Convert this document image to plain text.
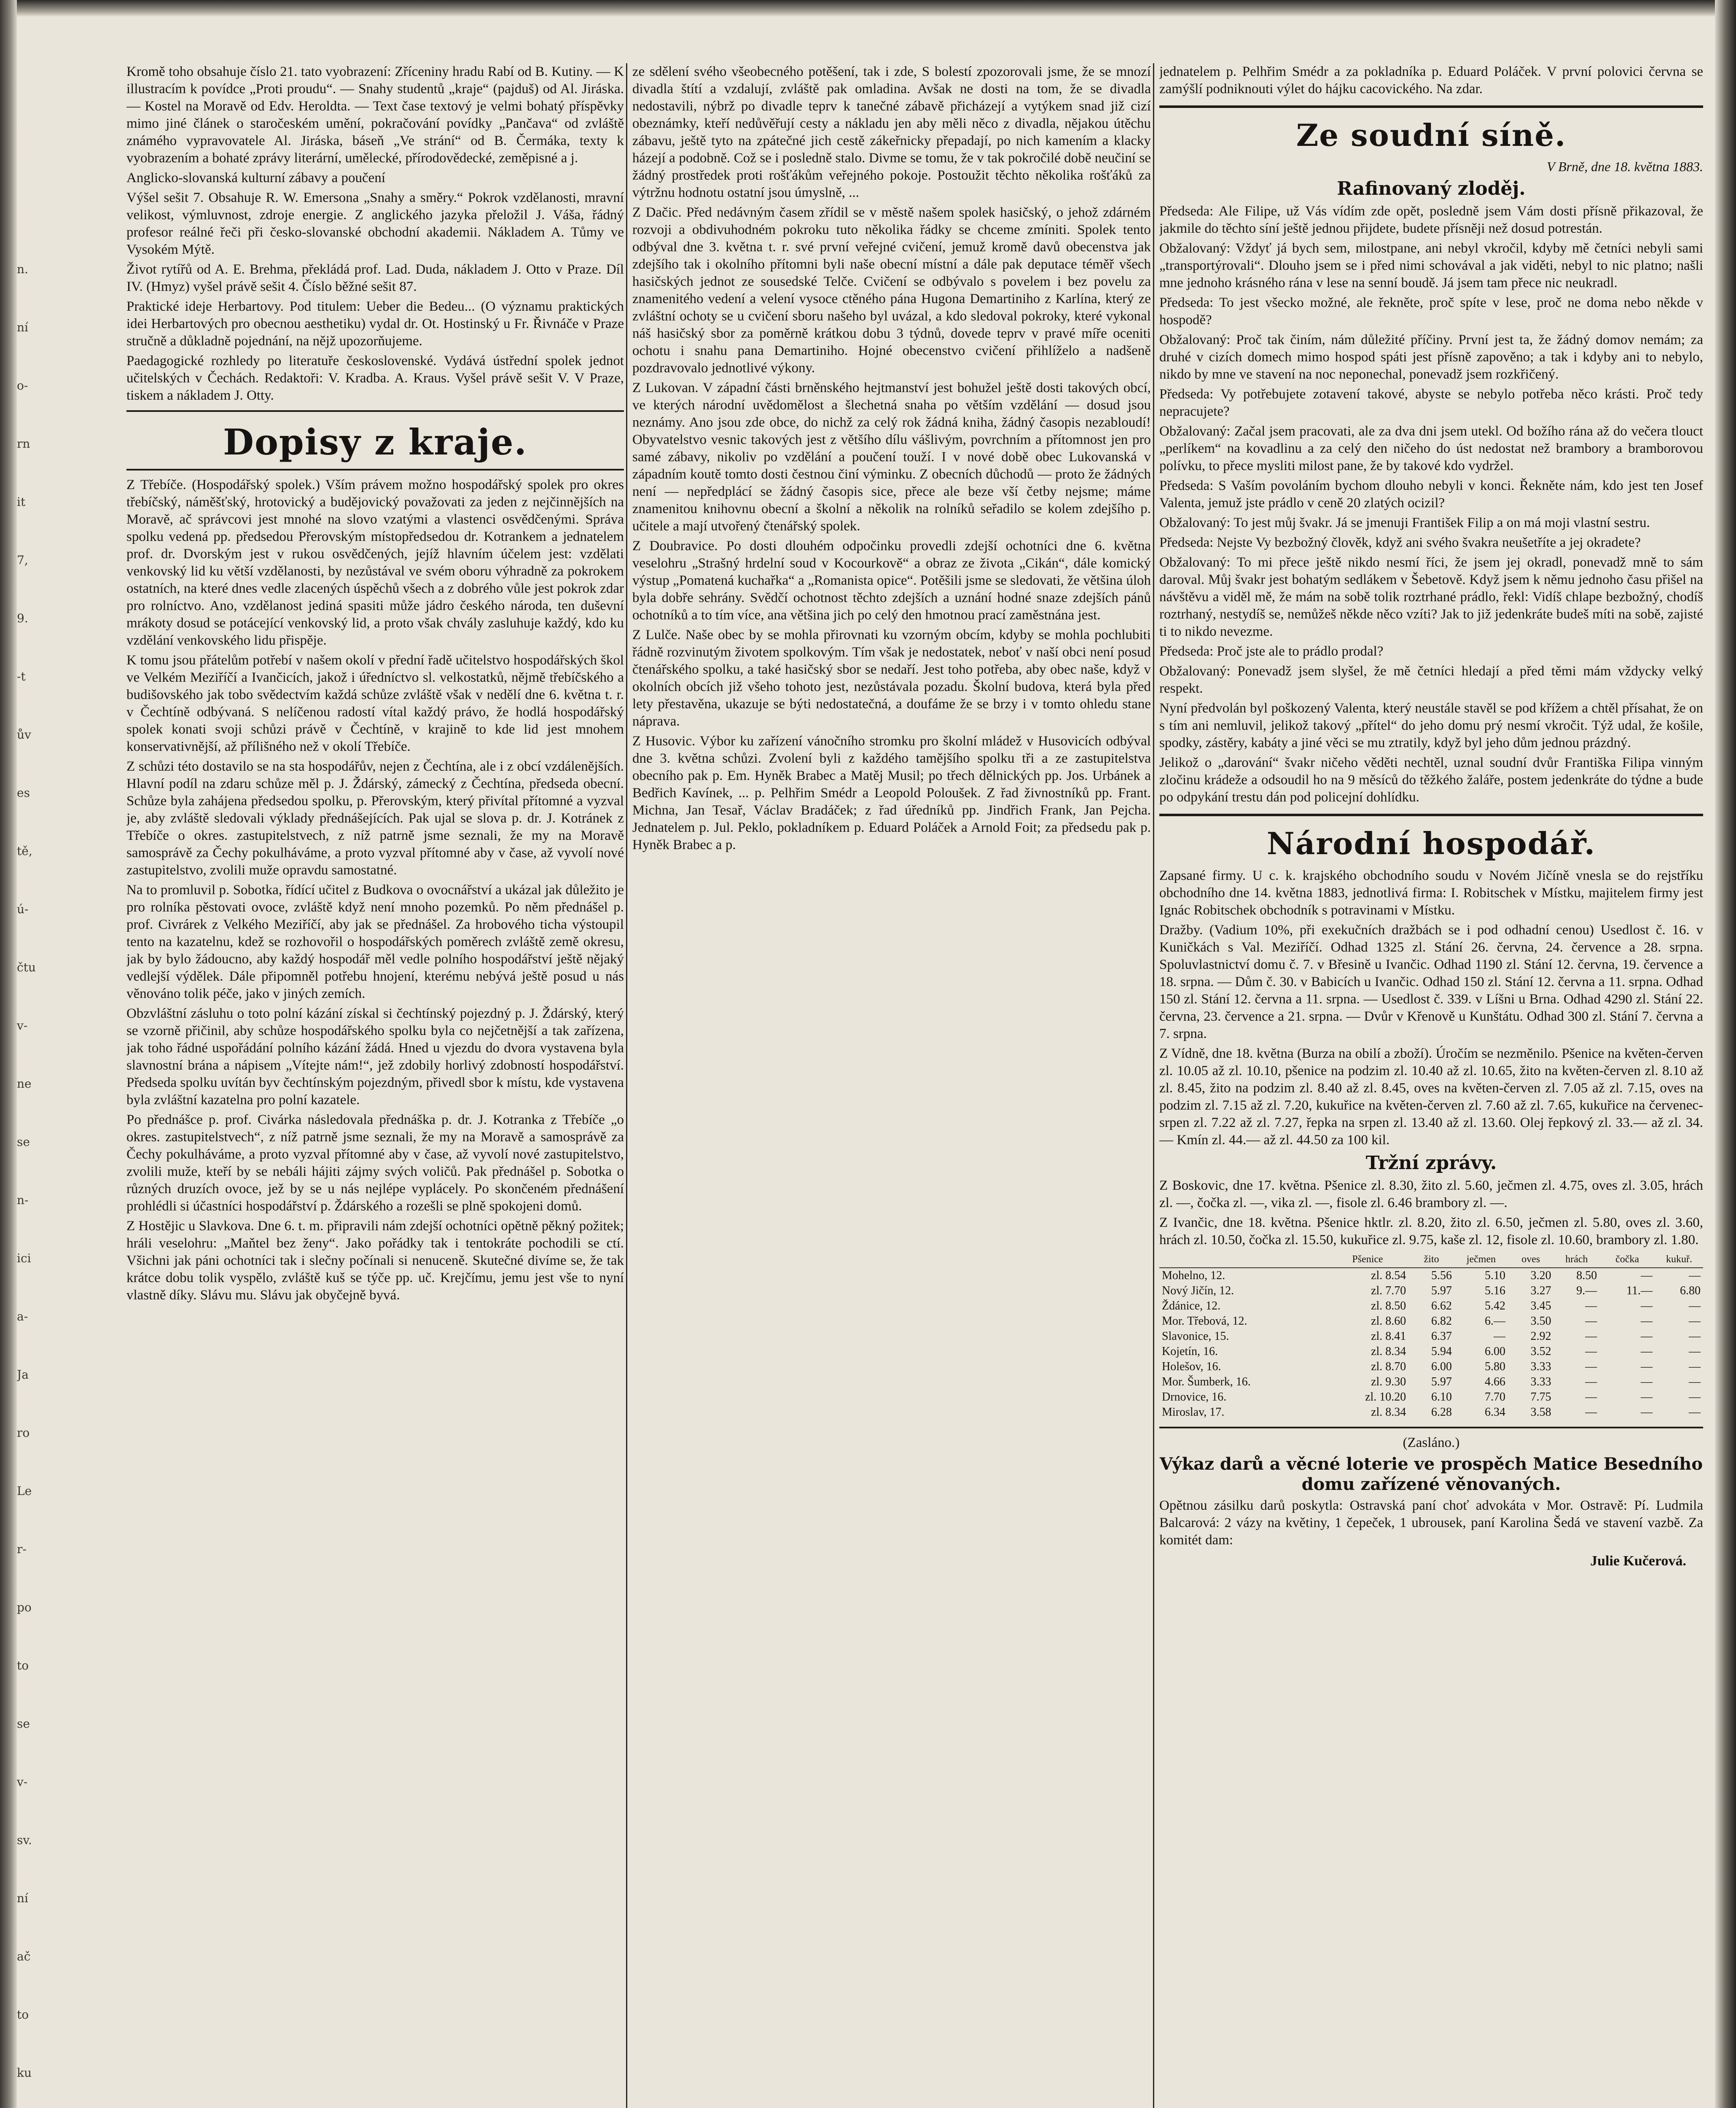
n.
ní
o-
rn
it
7,
9.
-t
ův
es
tě,
ú-
čtu
v-
ne
se
n-
ici
a-
Ja
ro
Le
r-
po
to
se
v-
sv.
ní
ač
to
ku

Kromě toho obsahuje číslo 21. tato vyobrazení: Zříceniny hradu Rabí od B. Kutiny. — K illustracím k povídce „Proti proudu“. — Snahy studentů „kraje“ (pajduš) od Al. Jiráska. — Kostel na Moravě od Edv. Heroldta. — Text čase textový je velmi bohatý příspěvky mimo jiné článek o staročeském umění, pokračování povídky „Pančava“ od zvláště známého vypravovatele Al. Jiráska, báseň „Ve strání“ od B. Čermáka, texty k vyobrazením a bohaté zprávy literární, umělecké, přírodovědecké, zeměpisné a j.

Anglicko-slovanská kulturní zábavy a poučení

Výšel sešit 7. Obsahuje R. W. Emersona „Snahy a směry.“ Pokrok vzdělanosti, mravní velikost, výmluvnost, zdroje energie. Z anglického jazyka přeložil J. Váša, řádný profesor reálné řeči při česko-slovanské obchodní akademii. Nákladem A. Tůmy ve Vysokém Mýtě.

Život rytířů od A. E. Brehma, překládá prof. Lad. Duda, nákladem J. Otto v Praze. Díl IV. (Hmyz) vyšel právě sešit 4. Číslo běžné sešit 87.

Praktické ideje Herbartovy. Pod titulem: Ueber die Bedeu... (O významu praktických idei Herbartových pro obecnou aesthetiku) vydal dr. Ot. Hostinský u Fr. Řivnáče v Praze stručně a důkladně pojednání, na nějž upozorňujeme.

Paedagogické rozhledy po literatuře československé. Vydává ústřední spolek jednot učitelských v Čechách. Redaktoři: V. Kradba. A. Kraus. Vyšel právě sešit V. V Praze, tiskem a nákladem J. Otty.

Dopisy z kraje.

Z Třebíče. (Hospodářský spolek.) Vším právem možno hospodářský spolek pro okres třebíčský, náměšťský, hrotovický a budějovický považovati za jeden z nejčinnějších na Moravě, ač správcovi jest mnohé na slovo vzatými a vlastenci osvědčenými. Správa spolku vedená pp. předsedou Přerovským místopředsedou dr. Kotrankem a jednatelem prof. dr. Dvorským jest v rukou osvědčených, jejíž hlavním účelem jest: vzdělati venkovský lid ku větší vzdělanosti, by nezůstával ve svém oboru výhradně za pokrokem ostatních, na které dnes vedle zlacených úspěchů všech a z dobrého vůle jest pokrok zdar pro rolníctvo. Ano, vzdělanost jediná spasiti může jádro českého národa, ten duševní mrákoty dosud se potácející venkovský lid, a proto však chvály zasluhuje každý, kdo ku vzdělání venkovského lidu přispěje.

K tomu jsou přátelům potřebí v našem okolí v přední řadě učitelstvo hospodářských škol ve Velkém Meziříčí a Ivančicích, jakož i úředníctvo sl. velkostatků, nějmě třebíčského a budišovského jak tobo svědectvím každá schůze zvláště však v nedělí dne 6. května t. r. v Čechtíně odbývaná. S nelíčenou radostí vítal každý právo, že hodlá hospodářský spolek konati svoji schůzi právě v Čechtíně, v krajině to kde lid jest mnohem konservativnější, až přílišného než v okolí Třebíče.

Z schůzi této dostavilo se na sta hospodářův, nejen z Čechtína, ale i z obcí vzdálenějších. Hlavní podíl na zdaru schůze měl p. J. Ždárský, zámecký z Čechtína, předseda obecní. Schůze byla zahájena předsedou spolku, p. Přerovským, který přivítal přítomné a vyzval je, aby zvláště sledovali výklady přednášejících. Pak ujal se slova p. dr. J. Kotránek z Třebíče o okres. zastupitelstvech, z níž patrně jsme seznali, že my na Moravě samosprávě za Čechy pokulháváme, a proto vyzval přítomné aby v čase, až vyvolí nové zastupitelstvo, zvolili muže opravdu samostatné.

Na to promluvil p. Sobotka, řídící učitel z Budkova o ovocnářství a ukázal jak důležito je pro rolníka pěstovati ovoce, zvláště když není mnoho pozemků. Po něm přednášel p. prof. Civrárek z Velkého Meziříčí, aby jak se přednášel. Za hrobového ticha výstoupil tento na kazatelnu, kdež se rozhovořil o hospodářských poměrech zvláště země okresu, jak by bylo žádoucno, aby každý hospodář měl vedle polního hospodářství ještě nějaký vedlejší výdělek. Dále připomněl potřebu hnojení, kterému nebývá ještě posud u nás věnováno tolik péče, jako v jiných zemích.

Obzvláštní zásluhu o toto polní kázání získal si čechtínský pojezdný p. J. Ždárský, který se vzorně přičinil, aby schůze hospodářského spolku byla co nejčetnější a tak zařízena, jak toho řádné uspořádání polního kázání žádá. Hned u vjezdu do dvora vystavena byla slavnostní brána a nápisem „Vítejte nám!“, jež zdobily horlivý zdobností hospodářství. Předseda spolku uvítán byv čechtínským pojezdným, přivedl sbor k místu, kde vystavena byla zvláštní kazatelna pro polní kazatele.

Po přednášce p. prof. Civárka následovala přednáška p. dr. J. Kotranka z Třebíče „o okres. zastupitelstvech“, z níž patrně jsme seznali, že my na Moravě a samosprávě za Čechy pokulháváme, a proto vyzval přítomné aby v čase, až vyvolí nové zastupitelstvo, zvolili muže, kteří by se nebáli hájiti zájmy svých voličů. Pak přednášel p. Sobotka o různých druzích ovoce, jež by se u nás nejlépe vyplácely. Po skončeném přednášení prohlédli si účastníci hospodářství p. Ždárského a rozešli se plně spokojeni domů.

Z Hostějic u Slavkova. Dne 6. t. m. připravili nám zdejší ochotníci opětně pěkný požitek; hráli veselohru: „Maňtel bez ženy“. Jako pořádky tak i tentokráte pochodili se ctí. Všichni jak páni ochotníci tak i slečny počínali si nenuceně. Skutečné divíme se, že tak krátce dobu tolik vyspělo, zvláště kuš se týče pp. uč. Krejčímu, jemu jest vše to nyní vlastně díky. Slávu mu. Slávu jak obyčejně byvá.

ze sdělení svého všeobecného potěšení, tak i zde, S bolestí zpozorovali jsme, že se mnozí divadla štítí a vzdalují, zvláště pak omladina. Avšak ne dosti na tom, že se divadla nedostavili, nýbrž po divadle teprv k tanečné zábavě přicházejí a vytýkem snad již cizí obeznámky, kteří nedůvěřují cesty a nákladu jen aby měli něco z divadla, nějakou útěchu zábavu, ještě tyto na zpátečné jich cestě zákeřnicky přepadají, po nich kamením a klacky házejí a podobně. Což se i posledně stalo. Divme se tomu, že v tak pokročilé době neučiní se žádný prostředek proti rošťákům veřejného pokoje. Postoužit těchto několika rošťáků za výtržnu hodnotu ostatní jsou úmyslně, ...

Z Dačic. Před nedávným časem zřídil se v městě našem spolek hasičský, o jehož zdárném rozvoji a obdivuhodném pokroku tuto několika řádky se chceme zmíniti. Spolek tento odbýval dne 3. května t. r. své první veřejné cvičení, jemuž kromě davů obecenstva jak zdejšího tak i okolního přítomni byli naše obecní místní a dále pak deputace téměř všech hasičských jednot ze sousedské Telče. Cvičení se odbývalo s povelem i bez povelu za znamenitého vedení a velení vysoce ctěného pána Hugona Demartiniho z Karlína, který ze zvláštní ochoty se u cvičení sboru našeho byl uvázal, a kdo sledoval pokroky, které vykonal náš hasičský sbor za poměrně krátkou dobu 3 týdnů, dovede teprv v pravé míře oceniti ochotu i snahu pana Demartiniho. Hojné obecenstvo cvičení přihlíželo a nadšeně pozdravovalo jednotlivé výkony.

Z Lukovan. V západní části brněnského hejtmanství jest bohužel ještě dosti takových obcí, ve kterých národní uvědomělost a šlechetná snaha po větším vzdělání — dosud jsou neznámy. Ano jsou zde obce, do nichž za celý rok žádná kniha, žádný časopis nezabloudí! Obyvatelstvo vesnic takových jest z většího dílu vášlivým, povrchním a přítomnost jen pro samé zábavy, nikoliv po vzdělání a poučení touží. I v nové době obec Lukovanská v západním koutě tomto dosti čestnou činí výminku. Z obecních důchodů — proto že žádných není — nepředplácí se žádný časopis sice, přece ale beze vší četby nejsme; máme znamenitou knihovnu obecní a školní a několik na rolníků seřadilo se kolem zdejšího p. učitele a mají utvořený čtenářský spolek.

Z Doubravice. Po dosti dlouhém odpočinku provedli zdejší ochotníci dne 6. května veselohru „Strašný hrdelní soud v Kocourkově“ a obraz ze života „Cikán“, dále komický výstup „Pomatená kuchařka“ a „Romanista opice“. Potěšili jsme se sledovati, že většina úloh byla dobře sehrány. Svědčí ochotnost těchto zdejších a uznání hodné snaze zdejších pánů ochotníků a to tím více, ana většina jich po celý den hmotnou prací zaměstnána jest.

Z Lulče. Naše obec by se mohla přirovnati ku vzorným obcím, kdyby se mohla pochlubiti řádně rozvinutým životem spolkovým. Tím však je nedostatek, neboť v naší obci není posud čtenářského spolku, a také hasičský sbor se nedaří. Jest toho potřeba, aby obec naše, když v okolních obcích již všeho tohoto jest, nezůstávala pozadu. Školní budova, která byla před lety přestavěna, ukazuje se býti nedostatečná, a doufáme že se brzy i v tomto ohledu stane náprava.

Z Husovic. Výbor ku zařízení vánočního stromku pro školní mládež v Husovicích odbýval dne 3. května schůzi. Zvolení byli z každého tamějšího spolku tři a ze zastupitelstva obecního pak p. Em. Hyněk Brabec a Matěj Musil; po třech dělnických pp. Jos. Urbánek a Bedřich Kavínek, ... p. Pelhřim Smédr a Leopold Poloušek. Z řad živnostníků pp. Frant. Michna, Jan Tesař, Václav Bradáček; z řad úředníků pp. Jindřich Frank, Jan Pejcha. Jednatelem p. Jul. Peklo, pokladníkem p. Eduard Poláček a Arnold Foit; za předsedu pak p. Hyněk Brabec a p.

jednatelem p. Pelhřim Smédr a za pokladníka p. Eduard Poláček. V první polovici června se zamýšlí podniknouti výlet do hájku cacovického. Na zdar.

Ze soudní síně.
V Brně, dne 18. května 1883.
Rafinovaný zloděj.

Předseda: Ale Filipe, už Vás vídím zde opět, posledně jsem Vám dosti přísně přikazoval, že jakmile do těchto síní ještě jednou přijdete, budete přísněji než dosud potrestán.

Obžalovaný: Vždyť já bych sem, milostpane, ani nebyl vkročil, kdyby mě četníci nebyli sami „transportýrovali“. Dlouho jsem se i před nimi schovával a jak viděti, nebyl to nic platno; našli mne jednoho krásného rána v lese na senní boudě. Já jsem tam přece nic neukradl.

Předseda: To jest všecko možné, ale řekněte, proč spíte v lese, proč ne doma nebo někde v hospodě?

Obžalovaný: Proč tak činím, nám důležité příčiny. První jest ta, že žádný domov nemám; za druhé v cizích domech mimo hospod spáti jest přísně zapověno; a tak i kdyby ani to nebylo, nikdo by mne ve stavení na noc neponechal, ponevadž jsem rozkřičený.

Předseda: Vy potřebujete zotavení takové, abyste se nebylo potřeba něco krásti. Proč tedy nepracujete?

Obžalovaný: Začal jsem pracovati, ale za dva dni jsem utekl. Od božího rána až do večera tlouct „perlíkem“ na kovadlinu a za celý den ničeho do úst nedostat než brambory a bramborovou polívku, to přece mysliti milost pane, že by takové kdo vydržel.

Předseda: S Vaším povoláním bychom dlouho nebyli v konci. Řekněte nám, kdo jest ten Josef Valenta, jemuž jste prádlo v ceně 20 zlatých ocizil?

Obžalovaný: To jest můj švakr. Já se jmenuji František Filip a on má moji vlastní sestru.

Předseda: Nejste Vy bezbožný člověk, když ani svého švakra neušetříte a jej okradete?

Obžalovaný: To mi přece ještě nikdo nesmí říci, že jsem jej okradl, ponevadž mně to sám daroval. Můj švakr jest bohatým sedlákem v Šebetově. Když jsem k němu jednoho času přišel na návštěvu a viděl mě, že mám na sobě tolik roztrhané prádlo, řekl: Vidíš chlape bezbožný, chodíš roztrhaný, nestydíš se, nemůžeš někde něco vzíti? Jak to již jedenkráte budeš míti na sobě, zajisté ti to nikdo nevezme.

Předseda: Proč jste ale to prádlo prodal?

Obžalovaný: Ponevadž jsem slyšel, že mě četníci hledají a před těmi mám vždycky velký respekt.

Nyní předvolán byl poškozený Valenta, který neustále stavěl se pod křížem a chtěl přísahat, že on s tím ani nemluvil, jelikož takový „přítel“ do jeho domu prý nesmí vkročit. Týž udal, že košile, spodky, zástěry, kabáty a jiné věci se mu ztratily, když byl jeho dům jednou prázdný.

Jelikož o „darování“ švakr ničeho věděti nechtěl, uznal soudní dvůr Františka Filipa vinným zločinu krádeže a odsoudil ho na 9 měsíců do těžkého žaláře, postem jedenkráte do týdne a bude po odpykání trestu dán pod policejní dohlídku.

Národní hospodář.

Zapsané firmy. U c. k. krajského obchodního soudu v Novém Jičíně vnesla se do rejstříku obchodního dne 14. května 1883, jednotlivá firma: I. Robitschek v Místku, majitelem firmy jest Ignác Robitschek obchodník s potravinami v Místku.

Dražby. (Vadium 10%, při exekučních dražbách se i pod odhadní cenou) Usedlost č. 16. v Kuničkách s Val. Meziříčí. Odhad 1325 zl. Stání 26. června, 24. července a 28. srpna. Spoluvlastnictví domu č. 7. v Břesině u Ivančic. Odhad 1190 zl. Stání 12. června, 19. července a 18. srpna. — Dům č. 30. v Babicích u Ivančic. Odhad 150 zl. Stání 12. června a 11. srpna. Odhad 150 zl. Stání 12. června a 11. srpna. — Usedlost č. 339. v Líšni u Brna. Odhad 4290 zl. Stání 22. června, 23. července a 21. srpna. — Dvůr v Křenově u Kunštátu. Odhad 300 zl. Stání 7. června a 7. srpna.

Z Vídně, dne 18. května (Burza na obilí a zboží). Úročím se nezměnilo. Pšenice na květen-červen zl. 10.05 až zl. 10.10, pšenice na podzim zl. 10.40 až zl. 10.65, žito na květen-červen zl. 8.10 až zl. 8.45, žito na podzim zl. 8.40 až zl. 8.45, oves na květen-červen zl. 7.05 až zl. 7.15, oves na podzim zl. 7.15 až zl. 7.20, kukuřice na květen-červen zl. 7.60 až zl. 7.65, kukuřice na červenec-srpen zl. 7.22 až zl. 7.27, řepka na srpen zl. 13.40 až zl. 13.60. Olej řepkový zl. 33.— až zl. 34. — Kmín zl. 44.— až zl. 44.50 za 100 kil.

Tržní zprávy.

Z Boskovic, dne 17. května. Pšenice zl. 8.30, žito zl. 5.60, ječmen zl. 4.75, oves zl. 3.05, hrách zl. —, čočka zl. —, vika zl. —, fisole zl. 6.46 brambory zl. —.

Z Ivančic, dne 18. května. Pšenice hktlr. zl. 8.20, žito zl. 6.50, ječmen zl. 5.80, oves zl. 3.60, hrách zl. 10.50, čočka zl. 15.50, kukuřice zl. 9.75, kaše zl. 12, fisole zl. 10.60, brambory zl. 1.80.

	Pšenice	žito	ječmen	oves	hrách	čočka	kukuř.
Mohelno, 12.	zl. 8.54	5.56	5.10	3.20	8.50	—	—
Nový Jičín, 12.	zl. 7.70	5.97	5.16	3.27	9.—	11.—	6.80
Ždánice, 12.	zl. 8.50	6.62	5.42	3.45	—	—	—
Mor. Třebová, 12.	zl. 8.60	6.82	6.—	3.50	—	—	—
Slavonice, 15.	zl. 8.41	6.37	—	2.92	—	—	—
Kojetín, 16.	zl. 8.34	5.94	6.00	3.52	—	—	—
Holešov, 16.	zl. 8.70	6.00	5.80	3.33	—	—	—
Mor. Šumberk, 16.	zl. 9.30	5.97	4.66	3.33	—	—	—
Drnovice, 16.	zl. 10.20	6.10	7.70	7.75	—	—	—
Miroslav, 17.	zl. 8.34	6.28	6.34	3.58	—	—	—
(Zasláno.)
Výkaz darů a věcné loterie ve prospěch Matice Besedního domu zařízené věnovaných.

Opětnou zásilku darů poskytla: Ostravská paní choť advokáta v Mor. Ostravě: Pí. Ludmila Balcarová: 2 vázy na květiny, 1 čepeček, 1 ubrousek, paní Karolina Šedá ve stavení vazbě. Za komitét dam:

Julie Kučerová.
